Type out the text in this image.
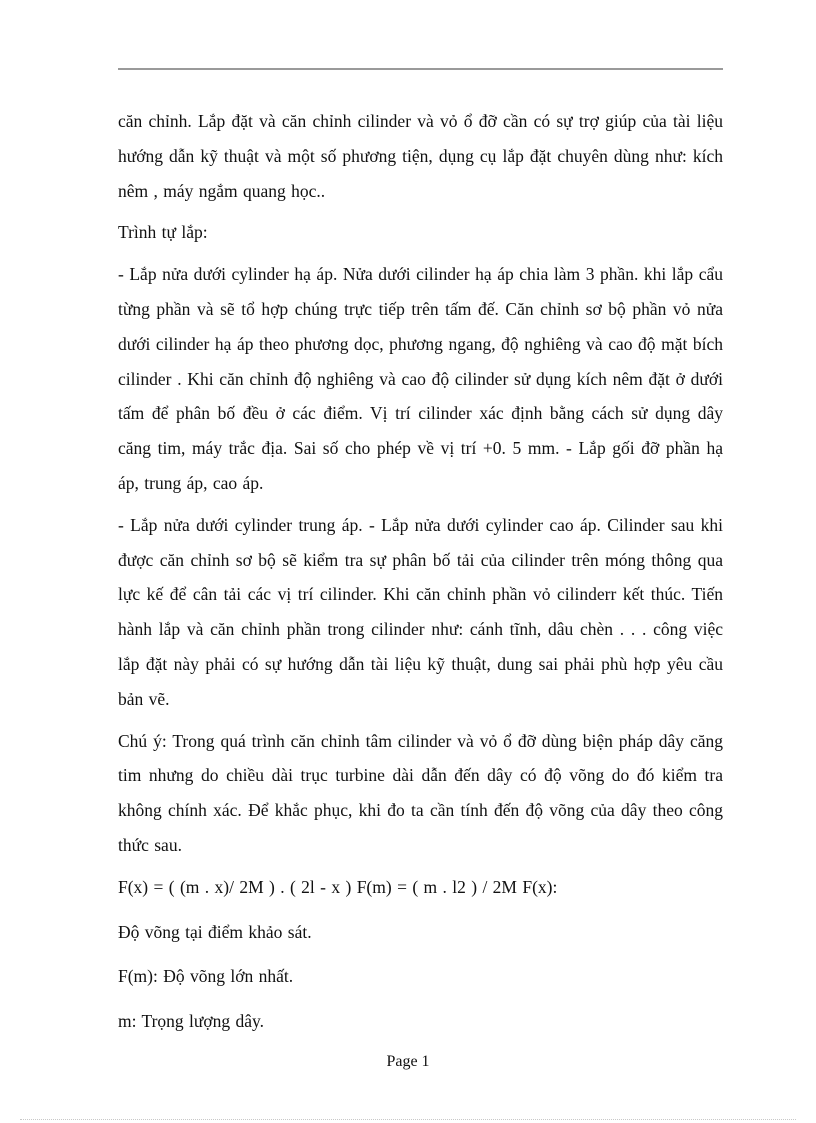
căn chỉnh. Lắp đặt và căn chỉnh cilinder và vỏ ổ đỡ cần có sự trợ giúp của tài liệu hướng dẫn kỹ thuật và một số phương tiện, dụng cụ lắp đặt chuyên dùng như: kích nêm , máy ngắm quang học..

Trình tự lắp:

- Lắp nửa dưới cylinder hạ áp. Nửa dưới cilinder hạ áp chia làm 3 phần. khi lắp cẩu từng phần và sẽ tổ hợp chúng trực tiếp trên tấm đế. Căn chỉnh sơ bộ phần vỏ nửa dưới cilinder hạ áp theo phương dọc, phương ngang, độ nghiêng và cao độ mặt bích cilinder . Khi căn chỉnh độ nghiêng và cao độ cilinder sử dụng kích nêm đặt ở dưới tấm để phân bố đều ở các điểm. Vị trí cilinder xác định bằng cách sử dụng dây căng tim, máy trắc địa. Sai số cho phép về vị trí +0. 5 mm. - Lắp gối đỡ phần hạ áp, trung áp, cao áp.

- Lắp nửa dưới cylinder trung áp. - Lắp nửa dưới cylinder cao áp. Cilinder sau khi được căn chỉnh sơ bộ sẽ kiểm tra sự phân bố tải của cilinder trên móng thông qua lực kế để cân tải các vị trí cilinder. Khi căn chỉnh phần vỏ cilinderr kết thúc. Tiến hành lắp và căn chỉnh phần trong cilinder như: cánh tĩnh, dâu chèn . . . công việc lắp đặt này phải có sự hướng dẫn tài liệu kỹ thuật, dung sai phải phù hợp yêu cầu bản vẽ.

Chú ý: Trong quá trình căn chỉnh tâm cilinder và vỏ ổ đỡ dùng biện pháp dây căng tim nhưng do chiều dài trục turbine dài dẫn đến dây có độ võng do đó kiểm tra không chính xác. Để khắc phục, khi đo ta cần tính đến độ võng của dây theo công thức sau.

F(x) = ( (m . x)/ 2M ) . ( 2l - x ) F(m) = ( m . l2 ) / 2M F(x):

Độ võng tại điểm khảo sát.

F(m): Độ võng lớn nhất.

m: Trọng lượng dây.

Page 1
